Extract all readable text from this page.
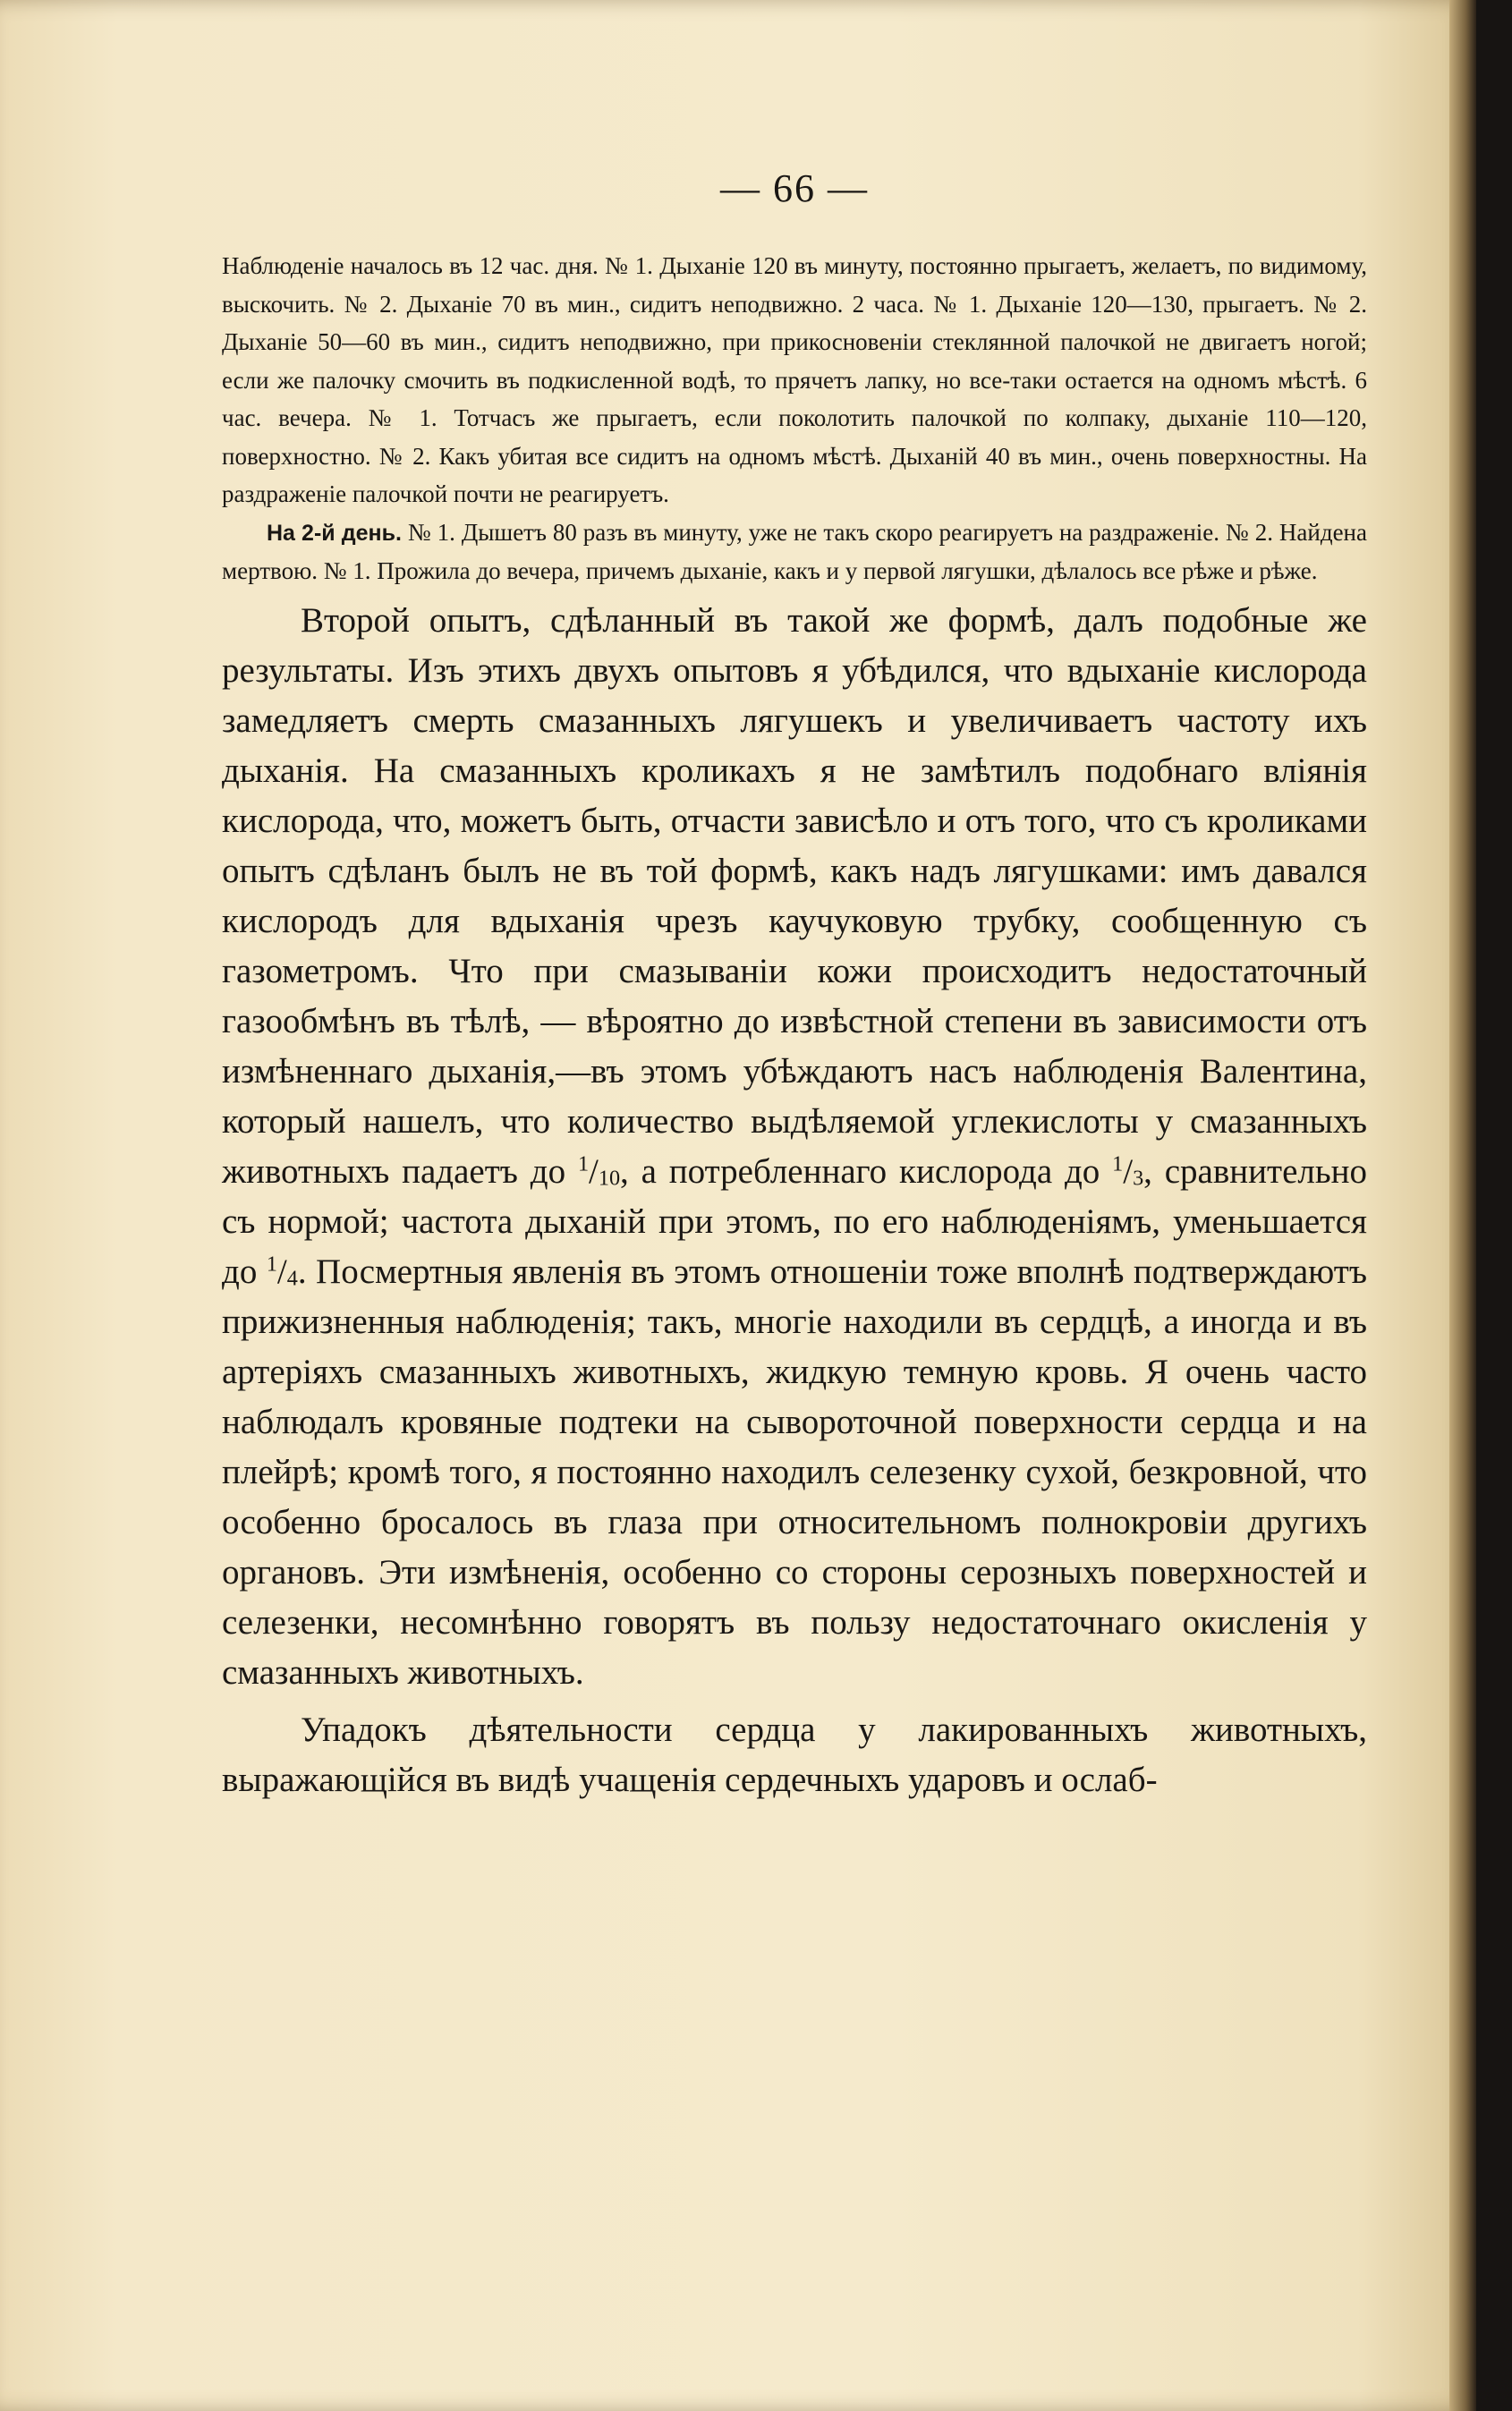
— 66 —

Наблюденіе началось въ 12 час. дня. № 1. Дыханіе 120 въ минуту, постоянно прыгаетъ, желаетъ, по видимому, выскочить. № 2. Дыханіе 70 въ мин., сидитъ неподвижно. 2 часа. № 1. Дыханіе 120—130, прыгаетъ. № 2. Дыханіе 50—60 въ мин., сидитъ неподвижно, при прикосновеніи стеклянной палочкой не двигаетъ ногой; если же палочку смочить въ подкисленной водѣ, то прячетъ лапку, но все-таки остается на одномъ мѣстѣ. 6 час. вечера. № 1. Тотчасъ же прыгаетъ, если поколотить палочкой по колпаку, дыханіе 110—120, поверхностно. № 2. Какъ убитая все сидитъ на одномъ мѣстѣ. Дыханій 40 въ мин., очень поверхностны. На раздраженіе палочкой почти не реагируетъ.

На 2-й день. № 1. Дышетъ 80 разъ въ минуту, уже не такъ скоро реагируетъ на раздраженіе. № 2. Найдена мертвою. № 1. Прожила до вечера, причемъ дыханіе, какъ и у первой лягушки, дѣлалось все рѣже и рѣже.

Второй опытъ, сдѣланный въ такой же формѣ, далъ подобные же результаты. Изъ этихъ двухъ опытовъ я убѣдился, что вдыханіе кислорода замедляетъ смерть смазанныхъ лягушекъ и увеличиваетъ частоту ихъ дыханія. На смазанныхъ кроликахъ я не замѣтилъ подобнаго вліянія кислорода, что, можетъ быть, отчасти зависѣло и отъ того, что съ кроликами опытъ сдѣланъ былъ не въ той формѣ, какъ надъ лягушками: имъ давался кислородъ для вдыханія чрезъ каучуковую трубку, сообщенную съ газометромъ. Что при смазываніи кожи происходитъ недостаточный газообмѣнъ въ тѣлѣ, — вѣроятно до извѣстной степени въ зависимости отъ измѣненнаго дыханія,—въ этомъ убѣждаютъ насъ наблюденія Валентина, который нашелъ, что количество выдѣляемой углекислоты у смазанныхъ животныхъ падаетъ до $^1/_{10}$, а потребленнаго кислорода до $^1/_3$, сравнительно съ нормой; частота дыханій при этомъ, по его наблюденіямъ, уменьшается до $^1/_4$. Посмертныя явленія въ этомъ отношеніи тоже вполнѣ подтверждаютъ прижизненныя наблюденія; такъ, многіе находили въ сердцѣ, а иногда и въ артеріяхъ смазанныхъ животныхъ, жидкую темную кровь. Я очень часто наблюдалъ кровяные подтеки на сывороточной поверхности сердца и на плейрѣ; кромѣ того, я постоянно находилъ селезенку сухой, безкровной, что особенно бросалось въ глаза при относительномъ полнокровіи другихъ органовъ. Эти измѣненія, особенно со стороны серозныхъ поверхностей и селезенки, несомнѣнно говорятъ въ пользу недостаточнаго окисленія у смазанныхъ животныхъ.

Упадокъ дѣятельности сердца у лакированныхъ животныхъ, выражающійся въ видѣ учащенія сердечныхъ ударовъ и ослаб-
